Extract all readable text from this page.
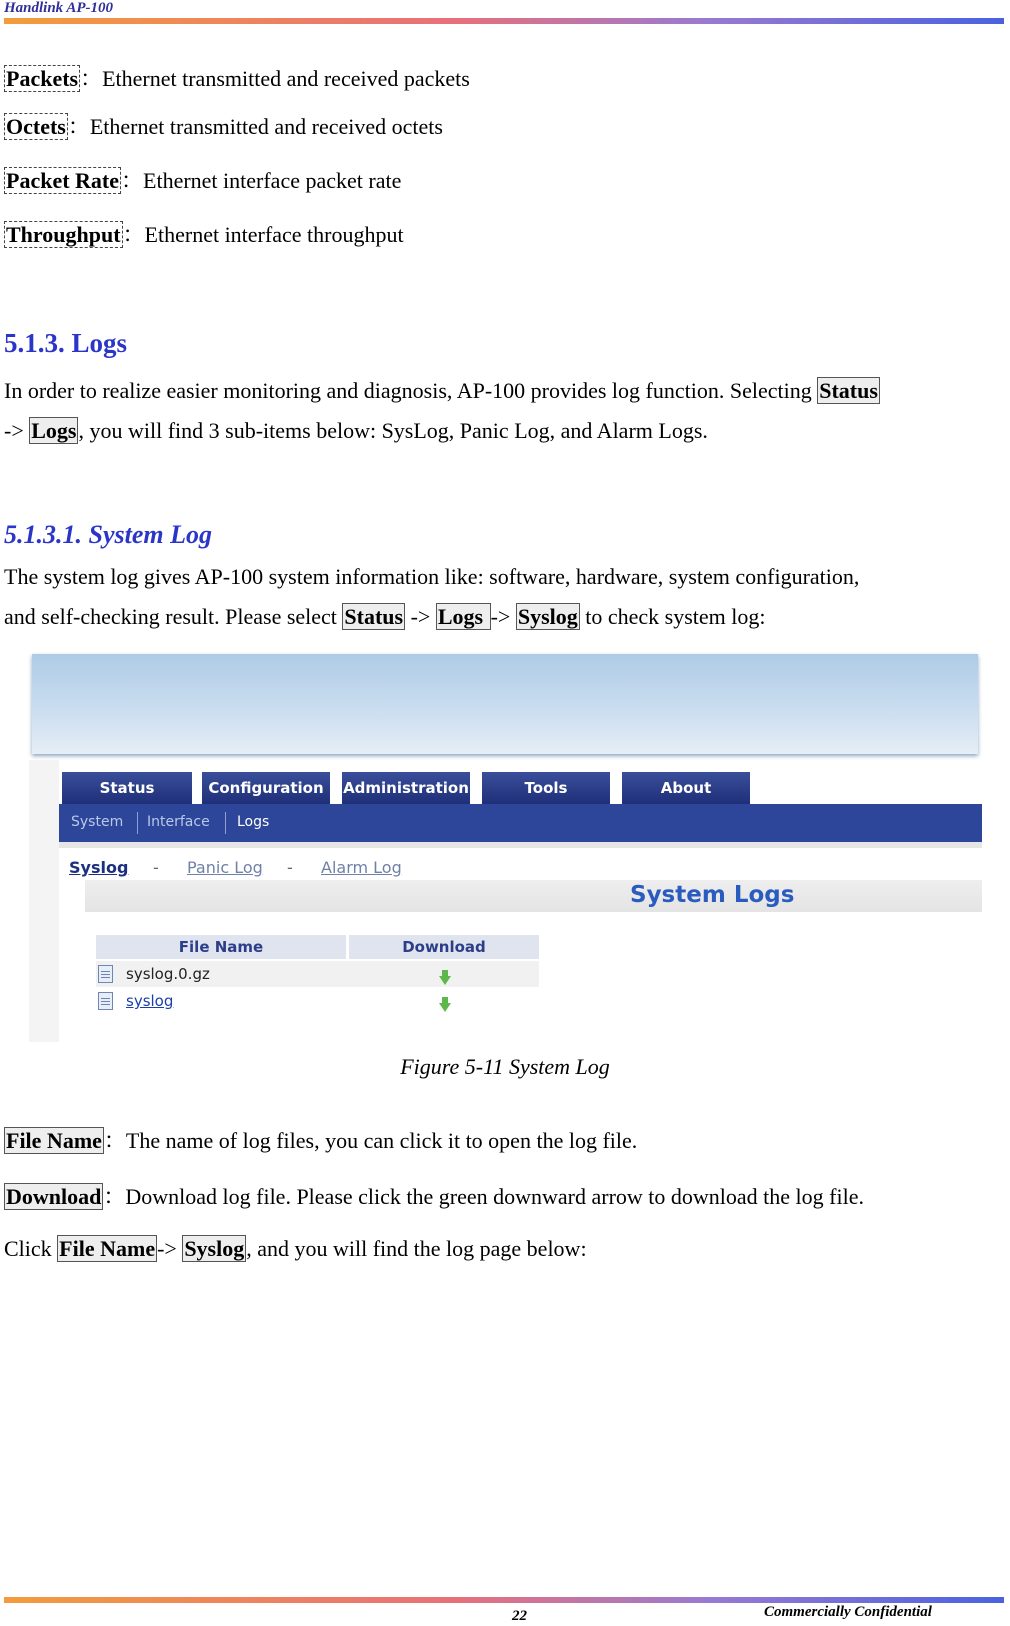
Handlink AP-100
Packets：Ethernet transmitted and received packets
Octets：Ethernet transmitted and received octets
Packet Rate：Ethernet interface packet rate
Throughput：Ethernet interface throughput
5.1.3. Logs
In order to realize easier monitoring and diagnosis, AP-100 provides log function. Selecting Status
-> Logs, you will find 3 sub-items below: SysLog, Panic Log, and Alarm Logs.
5.1.3.1. System Log
The system log gives AP-100 system information like: software, hardware, system configuration,
and self-checking result. Please select Status -> Logs -> Syslog to check system log:
Status	Configuration	Administration	Tools	About
System Interface Logs
Syslog - Panic Log - Alarm Log
System Logs
File Name	Download
syslog.0.gz
syslog
Figure 5-11 System Log
File Name：The name of log files, you can click it to open the log file.
Download：Download log file. Please click the green downward arrow to download the log file.
Click File Name-> Syslog, and you will find the log page below:
22	Commercially Confidential
